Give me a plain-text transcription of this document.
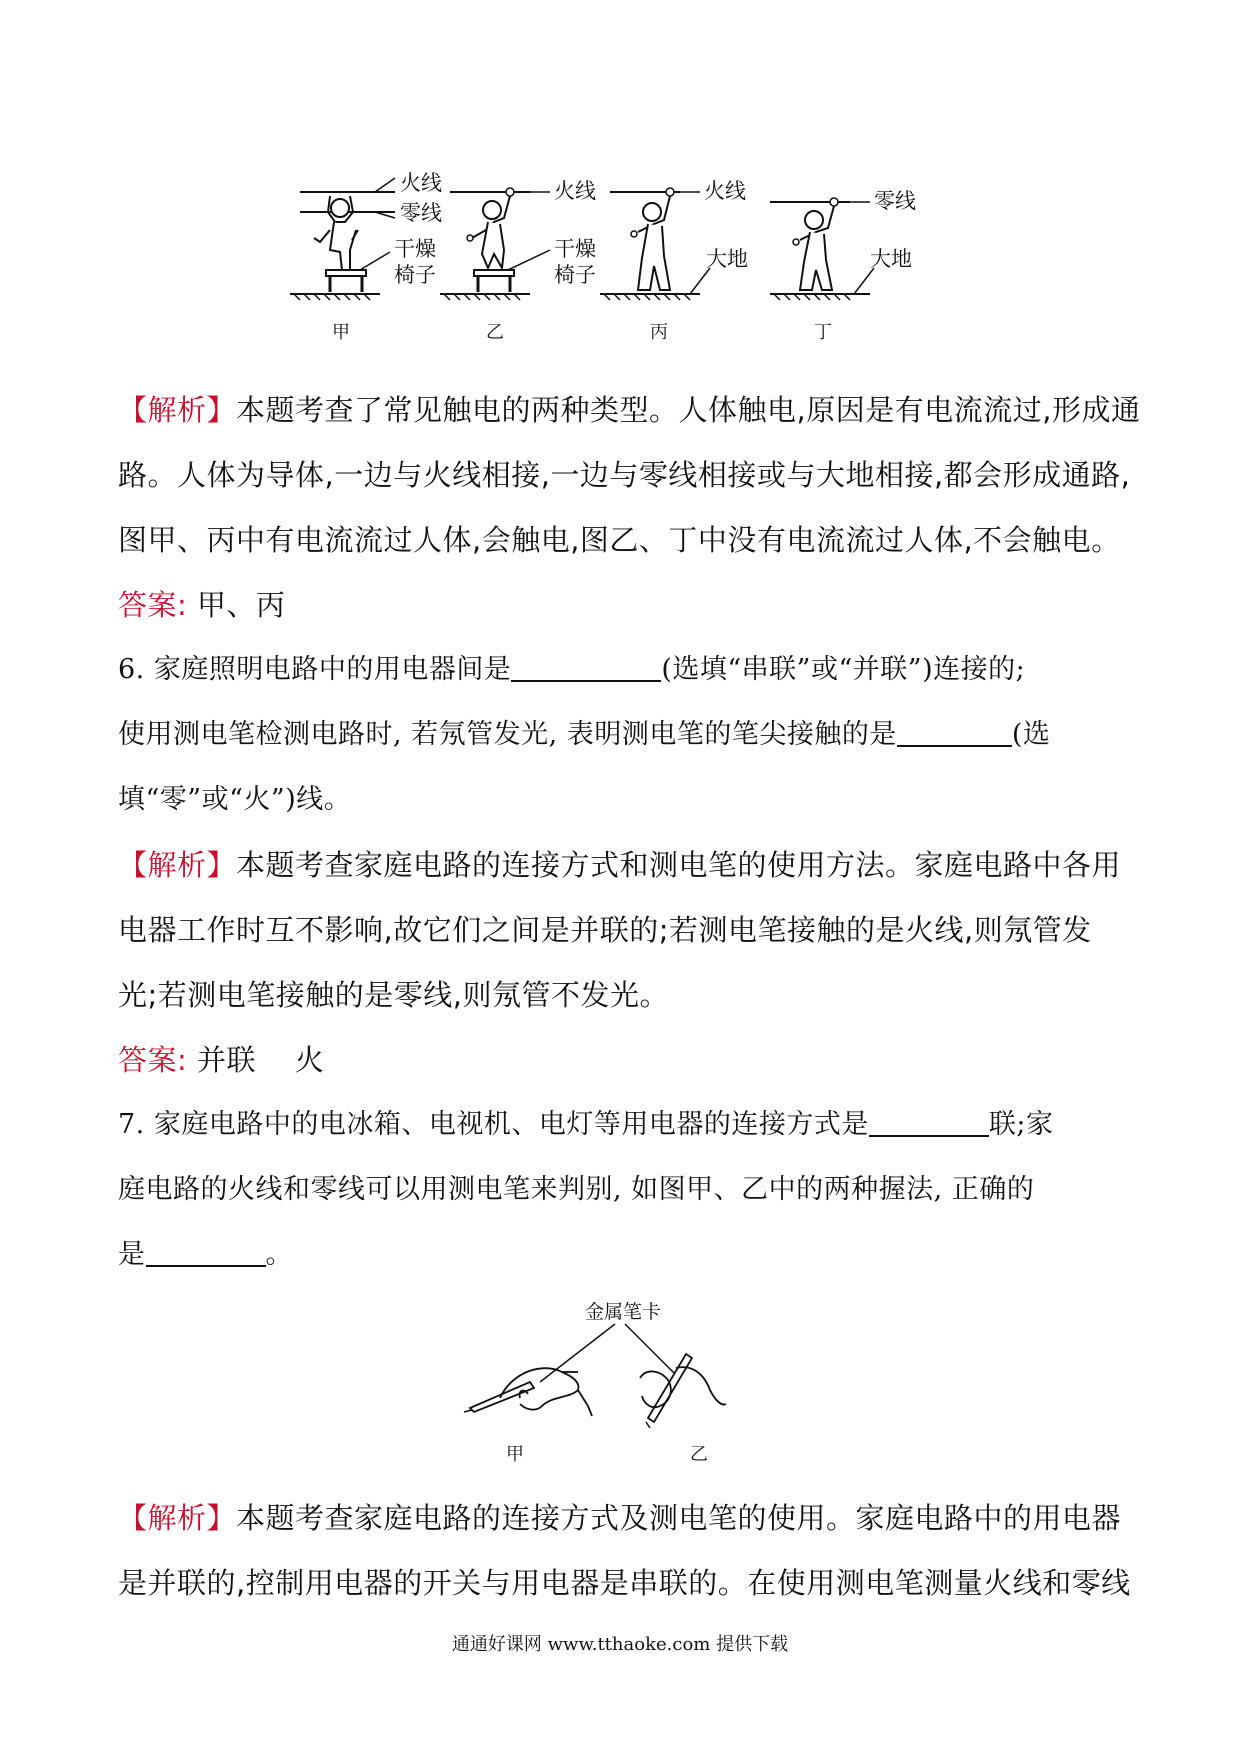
火线
零线
干燥
椅子
甲
火线
干燥
椅子
乙
火线
大地
丙
零线
大地
丁
【解析】本题考查了常见触电的两种类型。人体触电,原因是有电流流过,形成通
路。人体为导体,一边与火线相接,一边与零线相接或与大地相接,都会形成通路,
图甲、丙中有电流流过人体,会触电,图乙、丁中没有电流流过人体,不会触电。
答案: 甲、丙
6. 家庭照明电路中的用电器间是	(选填“串联”或“并联”)连接的;
使用测电笔检测电路时, 若氖管发光, 表明测电笔的笔尖接触的是	(选
填“零”或“火”)线。
【解析】本题考查家庭电路的连接方式和测电笔的使用方法。家庭电路中各用
电器工作时互不影响,故它们之间是并联的;若测电笔接触的是火线,则氖管发
光;若测电笔接触的是零线,则氖管不发光。
答案: 并联    火
7. 家庭电路中的电冰箱、电视机、电灯等用电器的连接方式是	联;家
庭电路的火线和零线可以用测电笔来判别, 如图甲、乙中的两种握法, 正确的
是	。
金属笔卡
甲	乙
【解析】本题考查家庭电路的连接方式及测电笔的使用。家庭电路中的用电器
是并联的,控制用电器的开关与用电器是串联的。在使用测电笔测量火线和零线
通通好课网 www.tthaoke.com 提供下载
